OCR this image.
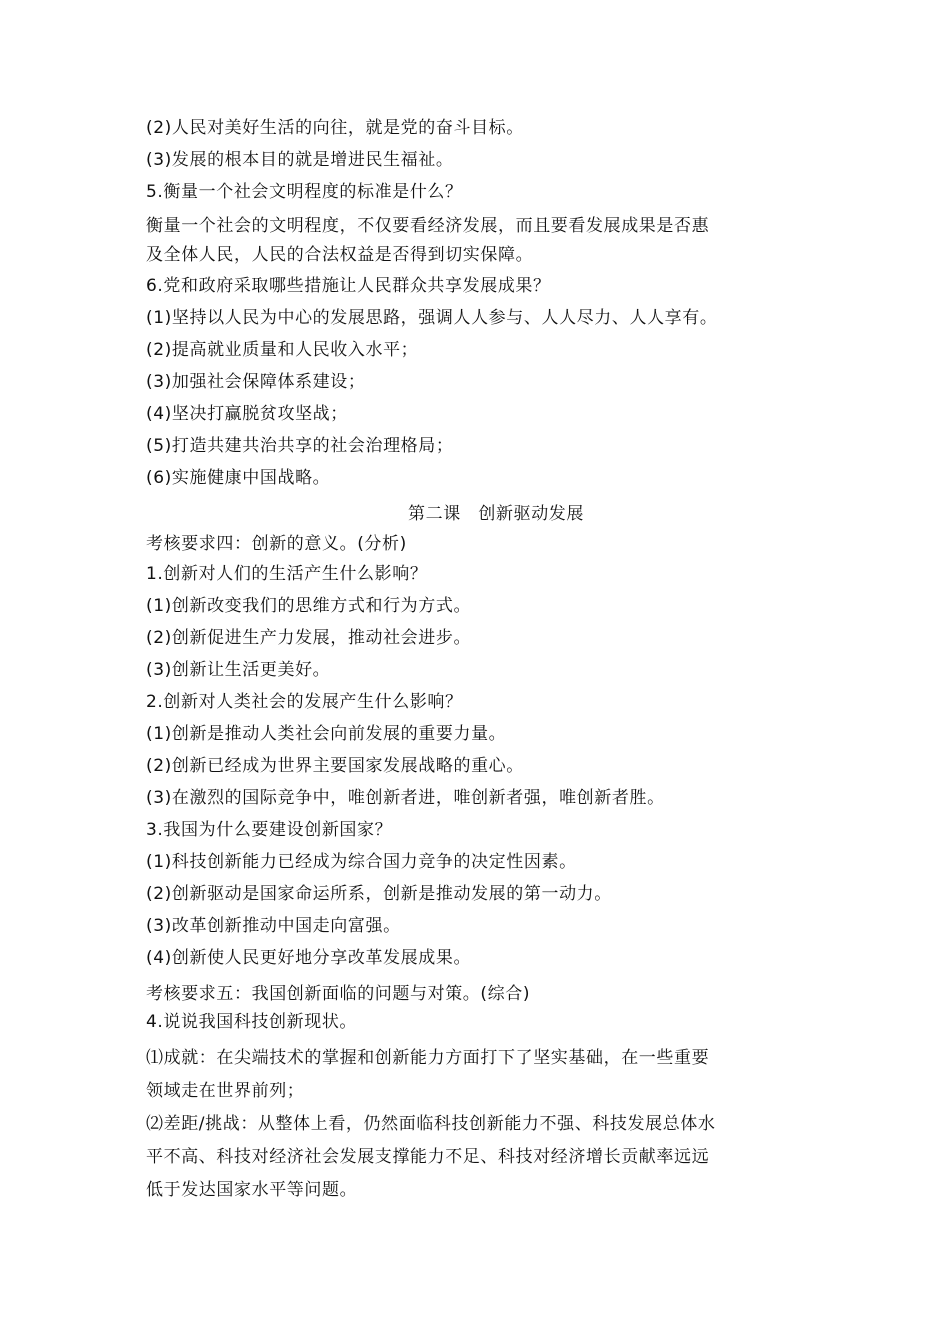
(2)人民对美好生活的向往，就是党的奋斗目标。
(3)发展的根本目的就是增进民生福祉。
5.衡量一个社会文明程度的标准是什么？
衡量一个社会的文明程度，不仅要看经济发展，而且要看发展成果是否惠
及全体人民，人民的合法权益是否得到切实保障。
6.党和政府采取哪些措施让人民群众共享发展成果？
(1)坚持以人民为中心的发展思路，强调人人参与、人人尽力、人人享有。
(2)提高就业质量和人民收入水平；
(3)加强社会保障体系建设；
(4)坚决打赢脱贫攻坚战；
(5)打造共建共治共享的社会治理格局；
(6)实施健康中国战略。
第二课　创新驱动发展
考核要求四：创新的意义。(分析)
1.创新对人们的生活产生什么影响？
(1)创新改变我们的思维方式和行为方式。
(2)创新促进生产力发展，推动社会进步。
(3)创新让生活更美好。
2.创新对人类社会的发展产生什么影响？
(1)创新是推动人类社会向前发展的重要力量。
(2)创新已经成为世界主要国家发展战略的重心。
(3)在激烈的国际竞争中，唯创新者进，唯创新者强，唯创新者胜。
3.我国为什么要建设创新国家？
(1)科技创新能力已经成为综合国力竞争的决定性因素。
(2)创新驱动是国家命运所系，创新是推动发展的第一动力。
(3)改革创新推动中国走向富强。
(4)创新使人民更好地分享改革发展成果。
考核要求五：我国创新面临的问题与对策。(综合)
4.说说我国科技创新现状。
⑴成就：在尖端技术的掌握和创新能力方面打下了坚实基础，在一些重要
领域走在世界前列；
⑵差距/挑战：从整体上看，仍然面临科技创新能力不强、科技发展总体水
平不高、科技对经济社会发展支撑能力不足、科技对经济增长贡献率远远
低于发达国家水平等问题。
